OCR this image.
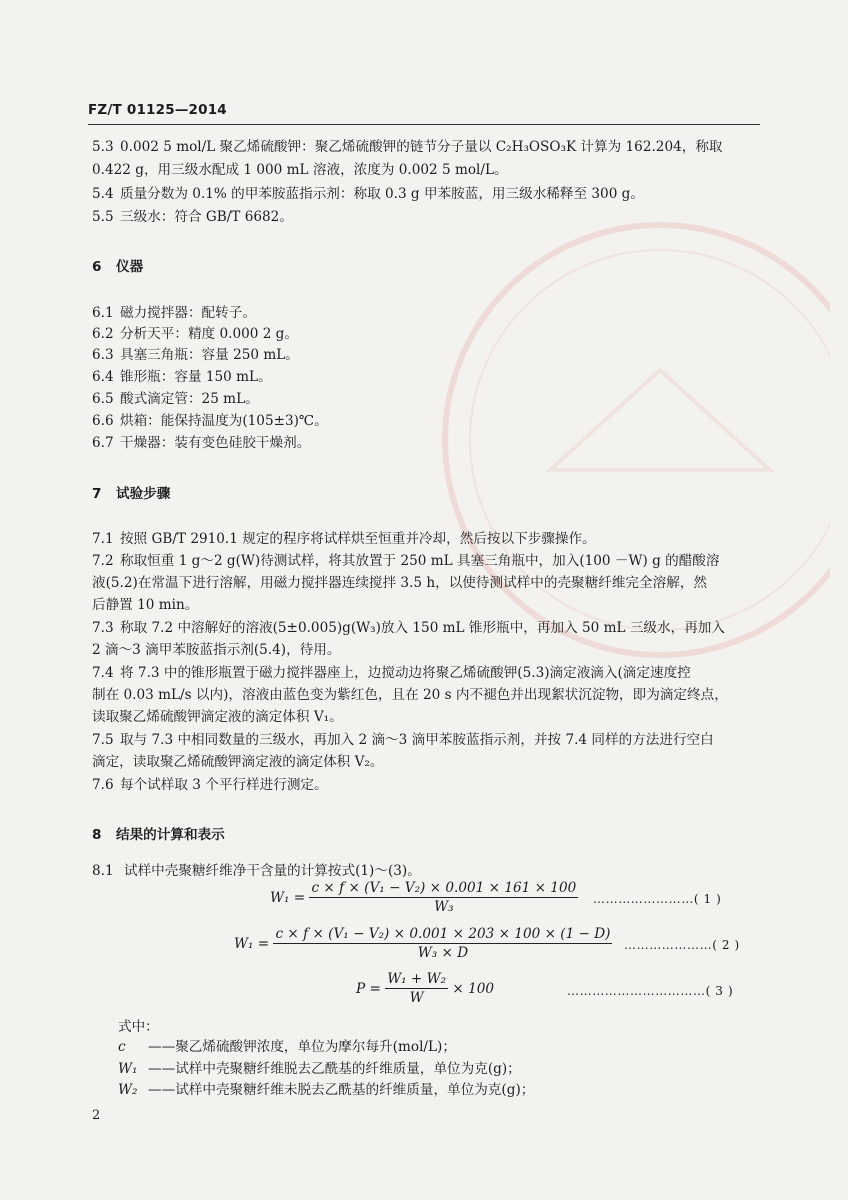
FZ/T 01125—2014
5.3 0.002 5 mol/L 聚乙烯硫酸钾：聚乙烯硫酸钾的链节分子量以 C₂H₃OSO₃K 计算为 162.204，称取
0.422 g，用三级水配成 1 000 mL 溶液，浓度为 0.002 5 mol/L。
5.4 质量分数为 0.1% 的甲苯胺蓝指示剂：称取 0.3 g 甲苯胺蓝，用三级水稀释至 300 g。
5.5 三级水：符合 GB/T 6682。
6 仪器
6.1 磁力搅拌器：配转子。
6.2 分析天平：精度 0.000 2 g。
6.3 具塞三角瓶：容量 250 mL。
6.4 锥形瓶：容量 150 mL。
6.5 酸式滴定管：25 mL。
6.6 烘箱：能保持温度为(105±3)℃。
6.7 干燥器：装有变色硅胶干燥剂。
7 试验步骤
7.1 按照 GB/T 2910.1 规定的程序将试样烘至恒重并冷却，然后按以下步骤操作。
7.2 称取恒重 1 g～2 g(W)待测试样，将其放置于 250 mL 具塞三角瓶中，加入(100 －W) g 的醋酸溶
液(5.2)在常温下进行溶解，用磁力搅拌器连续搅拌 3.5 h，以使待测试样中的壳聚糖纤维完全溶解，然
后静置 10 min。
7.3 称取 7.2 中溶解好的溶液(5±0.005)g(W₃)放入 150 mL 锥形瓶中，再加入 50 mL 三级水，再加入
2 滴～3 滴甲苯胺蓝指示剂(5.4)，待用。
7.4 将 7.3 中的锥形瓶置于磁力搅拌器座上，边搅动边将聚乙烯硫酸钾(5.3)滴定液滴入(滴定速度控
制在 0.03 mL/s 以内)，溶液由蓝色变为紫红色，且在 20 s 内不褪色并出现絮状沉淀物，即为滴定终点，
读取聚乙烯硫酸钾滴定液的滴定体积 V₁。
7.5 取与 7.3 中相同数量的三级水，再加入 2 滴～3 滴甲苯胺蓝指示剂，并按 7.4 同样的方法进行空白
滴定，读取聚乙烯硫酸钾滴定液的滴定体积 V₂。
7.6 每个试样取 3 个平行样进行测定。
8 结果的计算和表示
8.1 试样中壳聚糖纤维净干含量的计算按式(1)～(3)。
$W_1 = \frac{\text{c × f × (V₁ − V₂) × 0.001 × 161 × 100}}{\text{W₃}}$ ……………………( 1 )
$W_1 = \frac{\text{c × f × (V₁ − V₂) × 0.001 × 203 × 100 × (1 − D)}}{\text{W₃ × D}}$ …………………( 2 )
$P = \frac{\text{W₁ + W₂}}{W} \times 100$	……………………………( 3 )
式中：
c ——聚乙烯硫酸钾浓度，单位为摩尔每升(mol/L)；
W₁ ——试样中壳聚糖纤维脱去乙酰基的纤维质量，单位为克(g)；
W₂ ——试样中壳聚糖纤维未脱去乙酰基的纤维质量，单位为克(g)；
2
